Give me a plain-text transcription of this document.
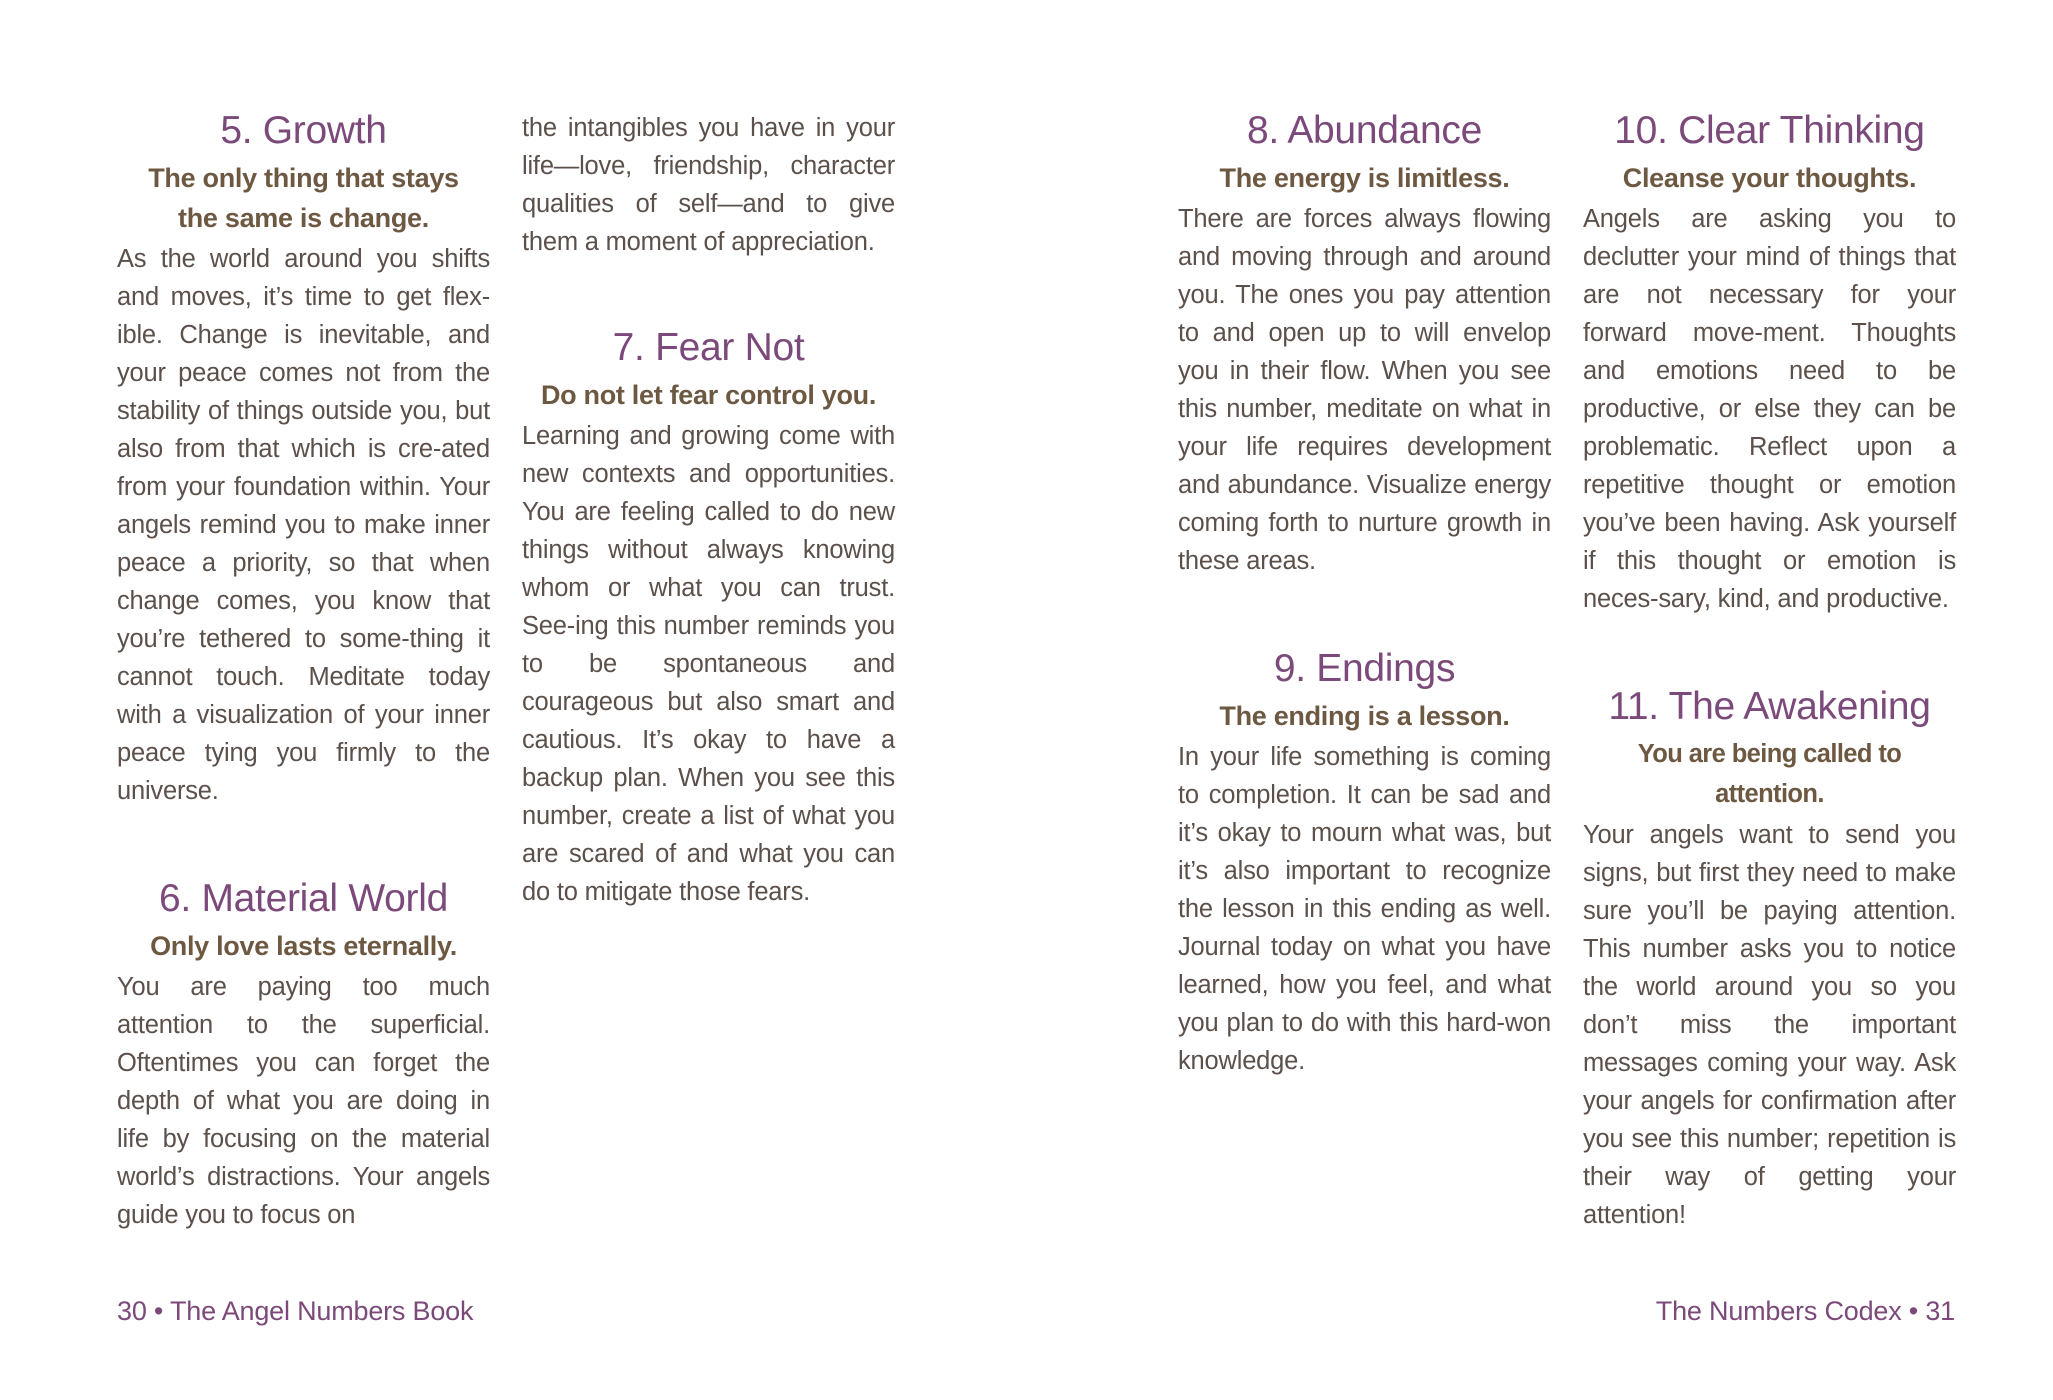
5. Growth
The only thing that stays the same is change.

As the world around you shifts and moves, it’s time to get flex-ible. Change is inevitable, and your peace comes not from the stability of things outside you, but also from that which is cre-ated from your foundation within. Your angels remind you to make inner peace a priority, so that when change comes, you know that you’re tethered to some-thing it cannot touch. Meditate today with a visualization of your inner peace tying you firmly to the universe.

6. Material World
Only love lasts eternally.

You are paying too much attention to the superficial. Oftentimes you can forget the depth of what you are doing in life by focusing on the material world’s distractions. Your angels guide you to focus on

the intangibles you have in your life—love, friendship, character qualities of self—and to give them a moment of appreciation.

7. Fear Not
Do not let fear control you.

Learning and growing come with new contexts and opportunities. You are feeling called to do new things without always knowing whom or what you can trust. See-ing this number reminds you to be spontaneous and courageous but also smart and cautious. It’s okay to have a backup plan. When you see this number, create a list of what you are scared of and what you can do to mitigate those fears.

30 • The Angel Numbers Book
8. Abundance
The energy is limitless.

There are forces always flowing and moving through and around you. The ones you pay attention to and open up to will envelop you in their flow. When you see this number, meditate on what in your life requires development and abundance. Visualize energy coming forth to nurture growth in these areas.

9. Endings
The ending is a lesson.

In your life something is coming to completion. It can be sad and it’s okay to mourn what was, but it’s also important to recognize the lesson in this ending as well. Journal today on what you have learned, how you feel, and what you plan to do with this hard-won knowledge.

10. Clear Thinking
Cleanse your thoughts.

Angels are asking you to declutter your mind of things that are not necessary for your forward move-ment. Thoughts and emotions need to be productive, or else they can be problematic. Reflect upon a repetitive thought or emotion you’ve been having. Ask yourself if this thought or emotion is neces-sary, kind, and productive.

11. The Awakening
You are being called to attention.

Your angels want to send you signs, but first they need to make sure you’ll be paying attention. This number asks you to notice the world around you so you don’t miss the important messages coming your way. Ask your angels for confirmation after you see this number; repetition is their way of getting your attention!

The Numbers Codex • 31
